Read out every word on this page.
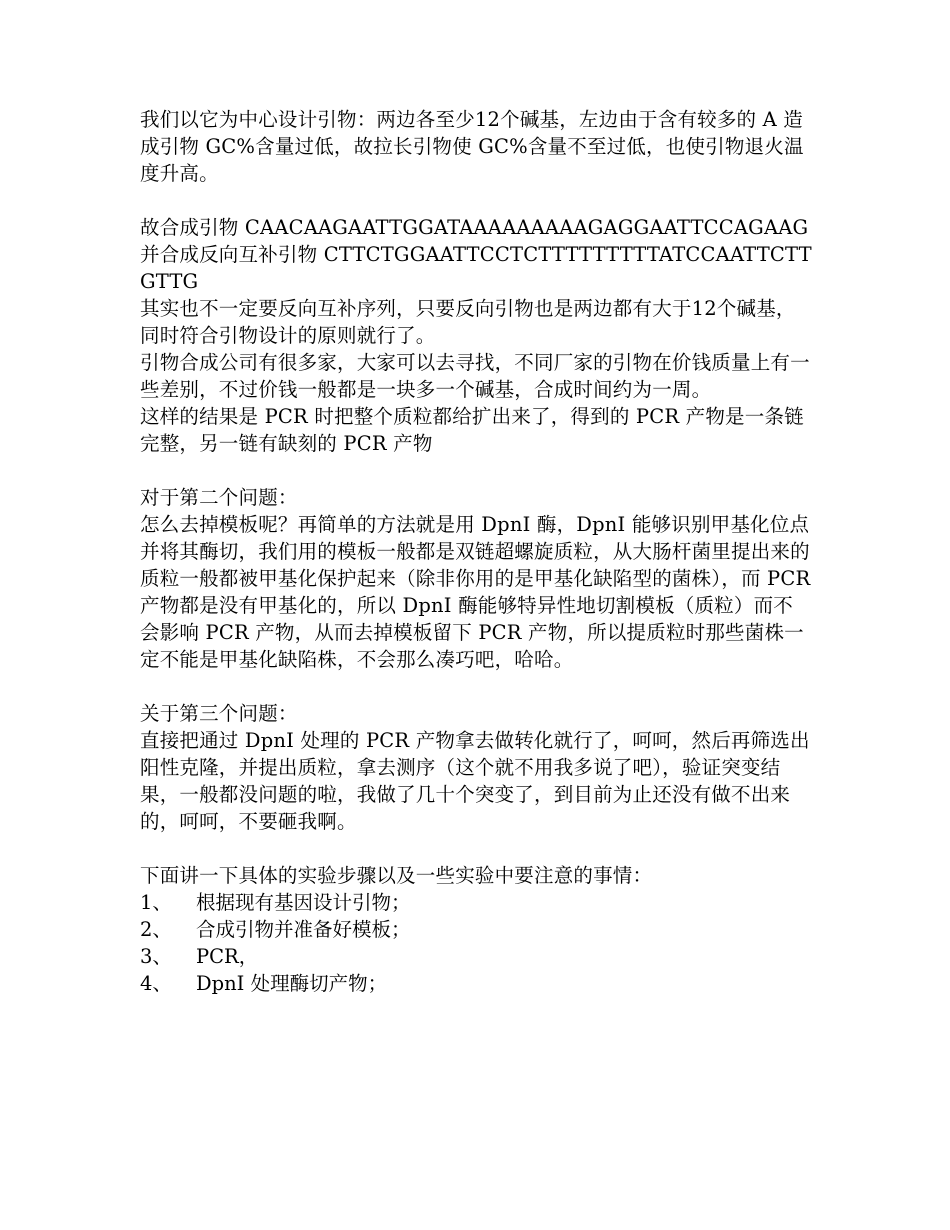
我们以它为中心设计引物：两边各至少12个碱基，左边由于含有较多的 A 造成引物 GC%含量过低，故拉长引物使 GC%含量不至过低，也使引物退火温度升高。

故合成引物 CAACAAGAATTGGATAAAAAAAAAGAGGAATTCCAGAAG

并合成反向互补引物 CTTCTGGAATTCCTCTTTTTTTTTATCCAATTCTTGTTG

其实也不一定要反向互补序列，只要反向引物也是两边都有大于12个碱基，同时符合引物设计的原则就行了。

引物合成公司有很多家，大家可以去寻找，不同厂家的引物在价钱质量上有一些差别，不过价钱一般都是一块多一个碱基，合成时间约为一周。

这样的结果是 PCR 时把整个质粒都给扩出来了，得到的 PCR 产物是一条链完整，另一链有缺刻的 PCR 产物

对于第二个问题：

怎么去掉模板呢？再简单的方法就是用 DpnI 酶，DpnI 能够识别甲基化位点并将其酶切，我们用的模板一般都是双链超螺旋质粒，从大肠杆菌里提出来的质粒一般都被甲基化保护起来（除非你用的是甲基化缺陷型的菌株），而 PCR 产物都是没有甲基化的，所以 DpnI 酶能够特异性地切割模板（质粒）而不会影响 PCR 产物，从而去掉模板留下 PCR 产物，所以提质粒时那些菌株一定不能是甲基化缺陷株，不会那么凑巧吧，哈哈。

关于第三个问题：

直接把通过 DpnI 处理的 PCR 产物拿去做转化就行了，呵呵，然后再筛选出阳性克隆，并提出质粒，拿去测序（这个就不用我多说了吧），验证突变结果，一般都没问题的啦，我做了几十个突变了，到目前为止还没有做不出来的，呵呵，不要砸我啊。

下面讲一下具体的实验步骤以及一些实验中要注意的事情：

1、	根据现有基因设计引物；
2、	合成引物并准备好模板；
3、	PCR，
4、	DpnI 处理酶切产物；
